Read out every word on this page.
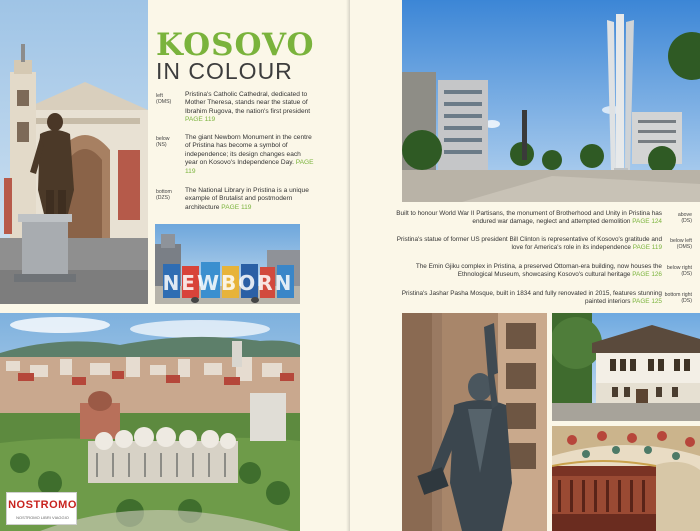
KOSOVO
IN COLOUR
left
(OMS)
Pristina's Catholic Cathedral, dedicated to Mother Theresa, stands near the statue of Ibrahim Rugova, the nation's first president PAGE 119
below
(NS)
The giant Newborn Monument in the centre of Pristina has become a symbol of independence; its design changes each year on Kosovo's Independence Day. PAGE 119
bottom
(DZS)
The National Library in Pristina is a unique example of Brutalist and postmodern architecture PAGE 119
NEWBORN
NOSTROMO
NOSTROMO LIBRI VIAGGIO
Built to honour World War II Partisans, the monument of Brotherhood and Unity in Pristina has endured war damage, neglect and attempted demolition PAGE 124
above
(DS)
Pristina's statue of former US president Bill Clinton is representative of Kosovo's gratitude and love for America's role in its independence PAGE 119
below left
(OMS)
The Emin Gjiku complex in Pristina, a preserved Ottoman-era building, now houses the Ethnological Museum, showcasing Kosovo's cultural heritage PAGE 126
below right
(DS)
Pristina's Jashar Pasha Mosque, built in 1834 and fully renovated in 2015, features stunning painted interiors PAGE 125
bottom right
(DS)
